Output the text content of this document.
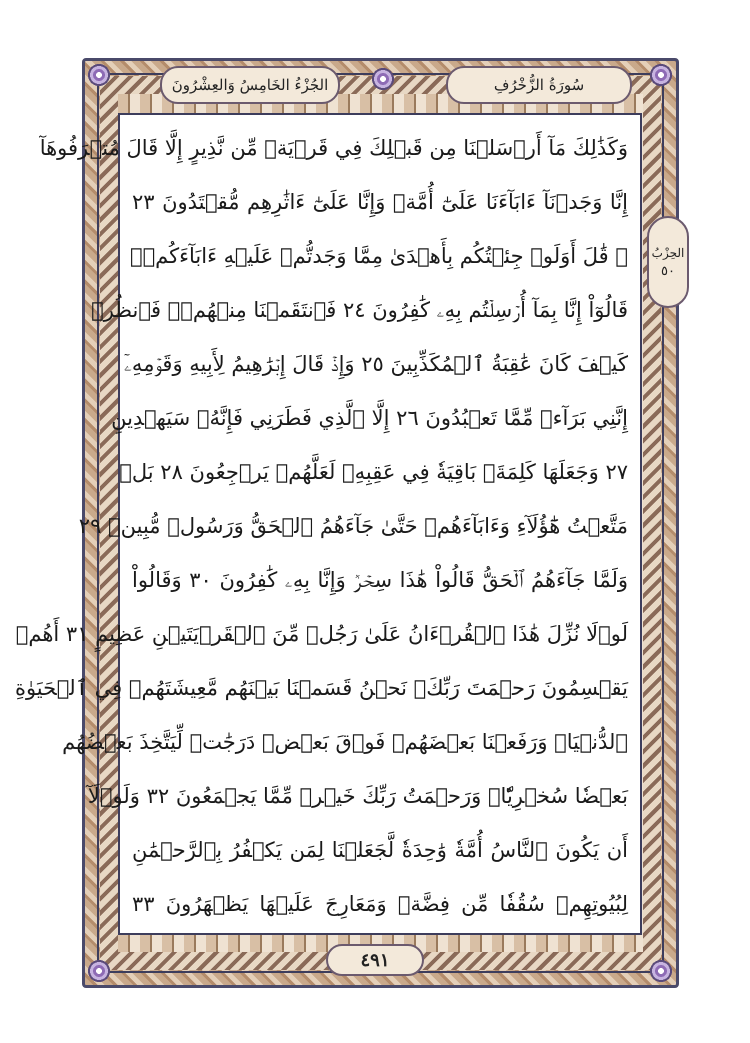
سُورَةُ الزُّخْرُفِ
الجُزْءُ الخَامِسُ وَالعِشْرُونَ
الحِزْبُ
٥٠
وَكَذَٰلِكَ مَآ أَرۡسَلۡنَا مِن قَبۡلِكَ فِي قَرۡيَةٖ مِّن نَّذِيرٍ إِلَّا قَالَ مُتۡرَفُوهَآ
إِنَّا وَجَدۡنَآ ءَابَآءَنَا عَلَىٰٓ أُمَّةٖ وَإِنَّا عَلَىٰٓ ءَاثَٰرِهِم مُّقۡتَدُونَ ٢٣
۞ قَٰلَ أَوَلَوۡ جِئۡتُكُم بِأَهۡدَىٰ مِمَّا وَجَدتُّمۡ عَلَيۡهِ ءَابَآءَكُمۡۖ
قَالُوٓاْ إِنَّا بِمَآ أُرۡسِلۡتُم بِهِۦ كَٰفِرُونَ ٢٤ فَٱنتَقَمۡنَا مِنۡهُمۡۖ فَٱنظُرۡ
كَيۡفَ كَانَ عَٰقِبَةُ ٱلۡمُكَذِّبِينَ ٢٥ وَإِذۡ قَالَ إِبۡرَٰهِيمُ لِأَبِيهِ وَقَوۡمِهِۦٓ
إِنَّنِي بَرَآءٞ مِّمَّا تَعۡبُدُونَ ٢٦ إِلَّا ٱلَّذِي فَطَرَنِي فَإِنَّهُۥ سَيَهۡدِينِ
٢٧ وَجَعَلَهَا كَلِمَةَۢ بَاقِيَةٗ فِي عَقِبِهِۦ لَعَلَّهُمۡ يَرۡجِعُونَ ٢٨ بَلۡ
مَتَّعۡتُ هَٰٓؤُلَآءِ وَءَابَآءَهُمۡ حَتَّىٰ جَآءَهُمُ ٱلۡحَقُّ وَرَسُولٞ مُّبِينٞ ٢٩
وَلَمَّا جَآءَهُمُ ٱلۡحَقُّ قَالُواْ هَٰذَا سِحۡرٞ وَإِنَّا بِهِۦ كَٰفِرُونَ ٣٠ وَقَالُواْ
لَوۡلَا نُزِّلَ هَٰذَا ٱلۡقُرۡءَانُ عَلَىٰ رَجُلٖ مِّنَ ٱلۡقَرۡيَتَيۡنِ عَظِيمٍ ٣١ أَهُمۡ
يَقۡسِمُونَ رَحۡمَتَ رَبِّكَۚ نَحۡنُ قَسَمۡنَا بَيۡنَهُم مَّعِيشَتَهُمۡ فِي ٱلۡحَيَوٰةِ
ٱلدُّنۡيَاۚ وَرَفَعۡنَا بَعۡضَهُمۡ فَوۡقَ بَعۡضٖ دَرَجَٰتٖ لِّيَتَّخِذَ بَعۡضُهُم
بَعۡضٗا سُخۡرِيّٗاۗ وَرَحۡمَتُ رَبِّكَ خَيۡرٞ مِّمَّا يَجۡمَعُونَ ٣٢ وَلَوۡلَآ
أَن يَكُونَ ٱلنَّاسُ أُمَّةٗ وَٰحِدَةٗ لَّجَعَلۡنَا لِمَن يَكۡفُرُ بِٱلرَّحۡمَٰنِ
لِبُيُوتِهِمۡ سُقُفٗا مِّن فِضَّةٖ وَمَعَارِجَ عَلَيۡهَا يَظۡهَرُونَ ٣٣
٤٩١
